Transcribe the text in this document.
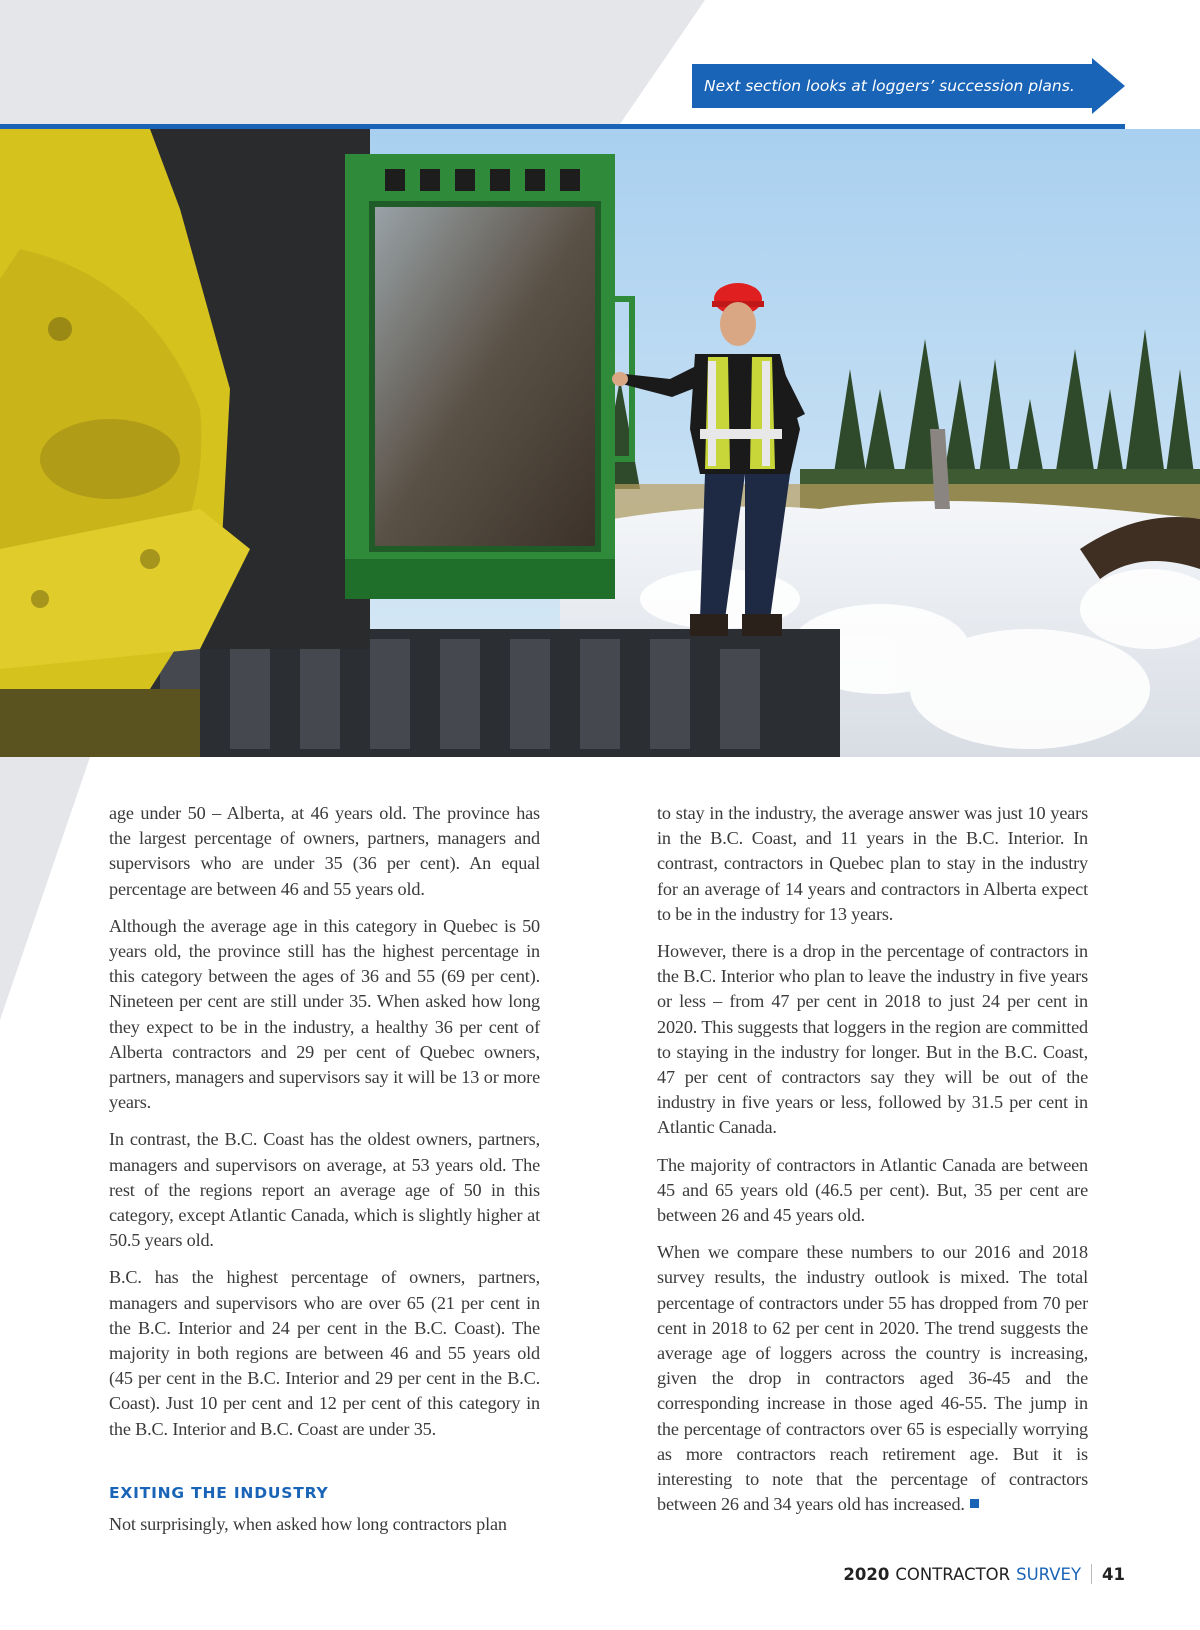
Next section looks at loggers’ succession plans.

age under 50 – Alberta, at 46 years old. The province has the largest percentage of owners, partners, managers and supervisors who are under 35 (36 per cent). An equal percentage are between 46 and 55 years old.

Although the average age in this category in Quebec is 50 years old, the province still has the highest percentage in this category between the ages of 36 and 55 (69 per cent). Nineteen per cent are still under 35. When asked how long they expect to be in the industry, a healthy 36 per cent of Alberta contractors and 29 per cent of Quebec owners, partners, managers and supervisors say it will be 13 or more years.

In contrast, the B.C. Coast has the oldest owners, partners, managers and supervisors on average, at 53 years old. The rest of the regions report an average age of 50 in this category, except Atlantic Canada, which is slightly higher at 50.5 years old.

B.C. has the highest percentage of owners, partners, managers and supervisors who are over 65 (21 per cent in the B.C. Interior and 24 per cent in the B.C. Coast). The majority in both regions are between 46 and 55 years old (45 per cent in the B.C. Interior and 29 per cent in the B.C. Coast). Just 10 per cent and 12 per cent of this category in the B.C. Interior and B.C. Coast are under 35.

EXITING THE INDUSTRY

Not surprisingly, when asked how long contractors plan

to stay in the industry, the average answer was just 10 years in the B.C. Coast, and 11 years in the B.C. Interior. In contrast, contractors in Quebec plan to stay in the industry for an average of 14 years and contractors in Alberta expect to be in the industry for 13 years.

However, there is a drop in the percentage of contractors in the B.C. Interior who plan to leave the industry in five years or less – from 47 per cent in 2018 to just 24 per cent in 2020. This suggests that loggers in the region are committed to staying in the industry for longer. But in the B.C. Coast, 47 per cent of contractors say they will be out of the industry in five years or less, followed by 31.5 per cent in Atlantic Canada.

The majority of contractors in Atlantic Canada are between 45 and 65 years old (46.5 per cent). But, 35 per cent are between 26 and 45 years old.

When we compare these numbers to our 2016 and 2018 survey results, the industry outlook is mixed. The total percentage of contractors under 55 has dropped from 70 per cent in 2018 to 62 per cent in 2020. The trend suggests the average age of loggers across the country is increasing, given the drop in contractors aged 36-45 and the corresponding increase in those aged 46-55. The jump in the percentage of contractors over 65 is especially worrying as more contractors reach retirement age. But it is interesting to note that the percentage of contractors between 26 and 34 years old has increased.

2020 CONTRACTOR SURVEY 41
